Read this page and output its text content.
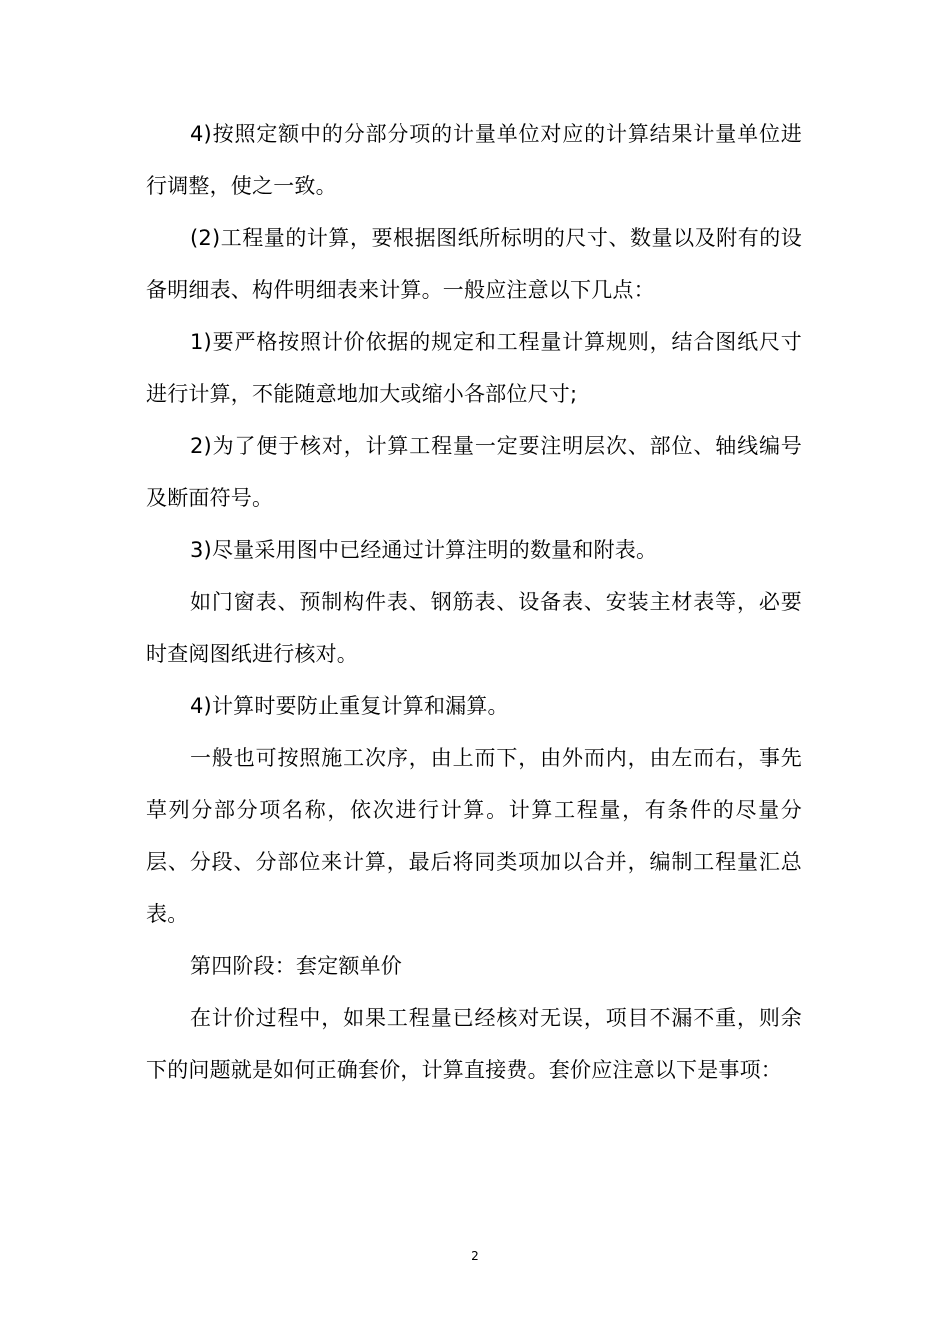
4)按照定额中的分部分项的计量单位对应的计算结果计量单位进行调整，使之一致。

(2)工程量的计算，要根据图纸所标明的尺寸、数量以及附有的设备明细表、构件明细表来计算。一般应注意以下几点：

1)要严格按照计价依据的规定和工程量计算规则，结合图纸尺寸进行计算，不能随意地加大或缩小各部位尺寸;

2)为了便于核对，计算工程量一定要注明层次、部位、轴线编号及断面符号。

3)尽量采用图中已经通过计算注明的数量和附表。

如门窗表、预制构件表、钢筋表、设备表、安装主材表等，必要时查阅图纸进行核对。

4)计算时要防止重复计算和漏算。

一般也可按照施工次序，由上而下，由外而内，由左而右，事先草列分部分项名称，依次进行计算。计算工程量，有条件的尽量分层、分段、分部位来计算，最后将同类项加以合并，编制工程量汇总表。

第四阶段：套定额单价

在计价过程中，如果工程量已经核对无误，项目不漏不重，则余下的问题就是如何正确套价，计算直接费。套价应注意以下是事项：

2
